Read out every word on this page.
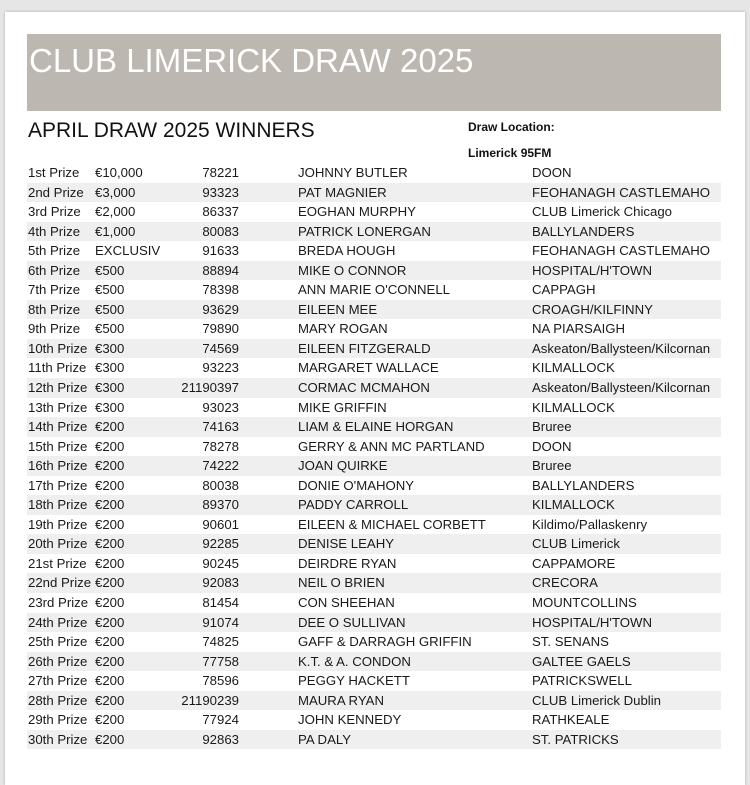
CLUB LIMERICK DRAW 2025
APRIL DRAW 2025 WINNERS	Draw Location:
Limerick 95FM
1st Prize €10,000	78221	JOHNNY BUTLER	DOON
2nd Prize €3,000	93323	PAT MAGNIER	FEOHANAGH CASTLEMAHO
3rd Prize €2,000	86337	EOGHAN MURPHY	CLUB Limerick Chicago
4th Prize €1,000	80083	PATRICK LONERGAN	BALLYLANDERS
5th Prize EXCLUSIV	91633	BREDA HOUGH	FEOHANAGH CASTLEMAHO
6th Prize €500	88894	MIKE O CONNOR	HOSPITAL/H'TOWN
7th Prize €500	78398	ANN MARIE O'CONNELL	CAPPAGH
8th Prize €500	93629	EILEEN MEE	CROAGH/KILFINNY
9th Prize €500	79890	MARY ROGAN	NA PIARSAIGH
10th Prize €300	74569	EILEEN FITZGERALD	Askeaton/Ballysteen/Kilcornan
11th Prize €300	93223	MARGARET WALLACE	KILMALLOCK
12th Prize €300	21190397	CORMAC MCMAHON	Askeaton/Ballysteen/Kilcornan
13th Prize €300	93023	MIKE GRIFFIN	KILMALLOCK
14th Prize €200	74163	LIAM & ELAINE HORGAN	Bruree
15th Prize €200	78278	GERRY & ANN MC PARTLAND	DOON
16th Prize €200	74222	JOAN QUIRKE	Bruree
17th Prize €200	80038	DONIE O'MAHONY	BALLYLANDERS
18th Prize €200	89370	PADDY CARROLL	KILMALLOCK
19th Prize €200	90601	EILEEN & MICHAEL CORBETT	Kildimo/Pallaskenry
20th Prize €200	92285	DENISE LEAHY	CLUB Limerick
21st Prize €200	90245	DEIRDRE RYAN	CAPPAMORE
22nd Prize €200	92083	NEIL O BRIEN	CRECORA
23rd Prize €200	81454	CON SHEEHAN	MOUNTCOLLINS
24th Prize €200	91074	DEE O SULLIVAN	HOSPITAL/H'TOWN
25th Prize €200	74825	GAFF & DARRAGH GRIFFIN	ST. SENANS
26th Prize €200	77758	K.T. & A. CONDON	GALTEE GAELS
27th Prize €200	78596	PEGGY HACKETT	PATRICKSWELL
28th Prize €200	21190239	MAURA RYAN	CLUB Limerick Dublin
29th Prize €200	77924	JOHN KENNEDY	RATHKEALE
30th Prize €200	92863	PA DALY	ST. PATRICKS
